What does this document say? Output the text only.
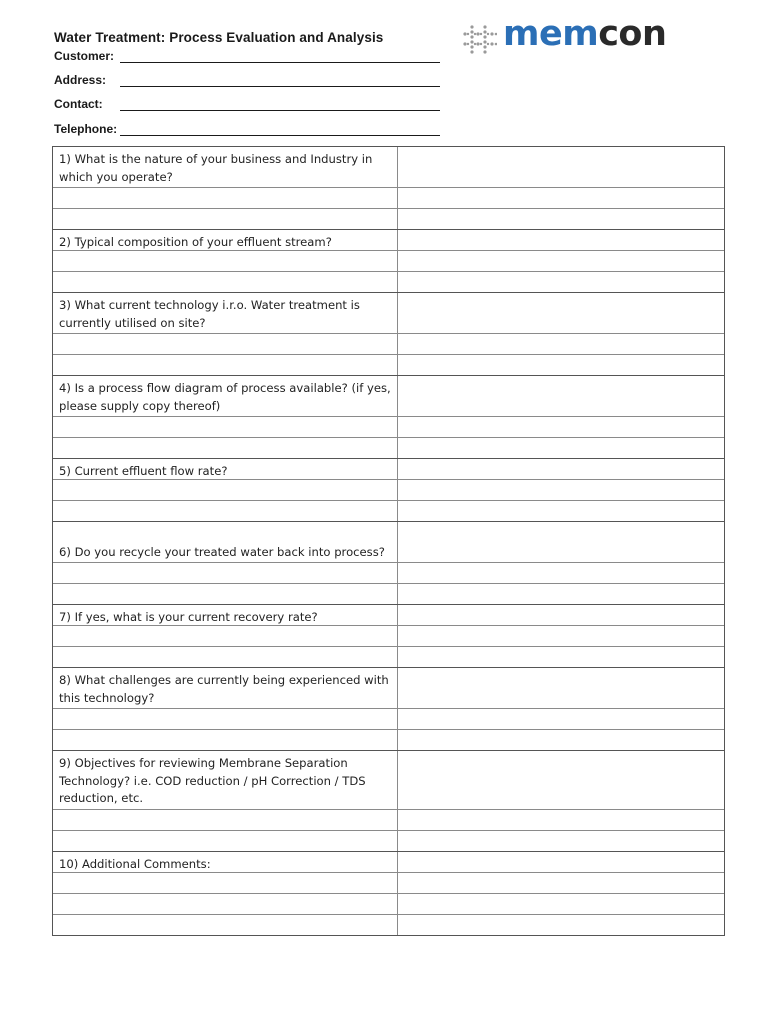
Water Treatment: Process Evaluation and Analysis
Customer:
Address:
Contact:
Telephone:
memcon
1) What is the nature of your business and Industry in which you operate?
2) Typical composition of your effluent stream?
3) What current technology i.r.o. Water treatment is currently utilised on site?
4) Is a process flow diagram of process available? (if yes, please supply copy thereof)
5) Current effluent flow rate?
6) Do you recycle your treated water back into process?
7) If yes, what is your current recovery rate?
8) What challenges are currently being experienced with this technology?
9) Objectives for reviewing Membrane Separation Technology? i.e. COD reduction / pH Correction / TDS reduction, etc.
10) Additional Comments:
